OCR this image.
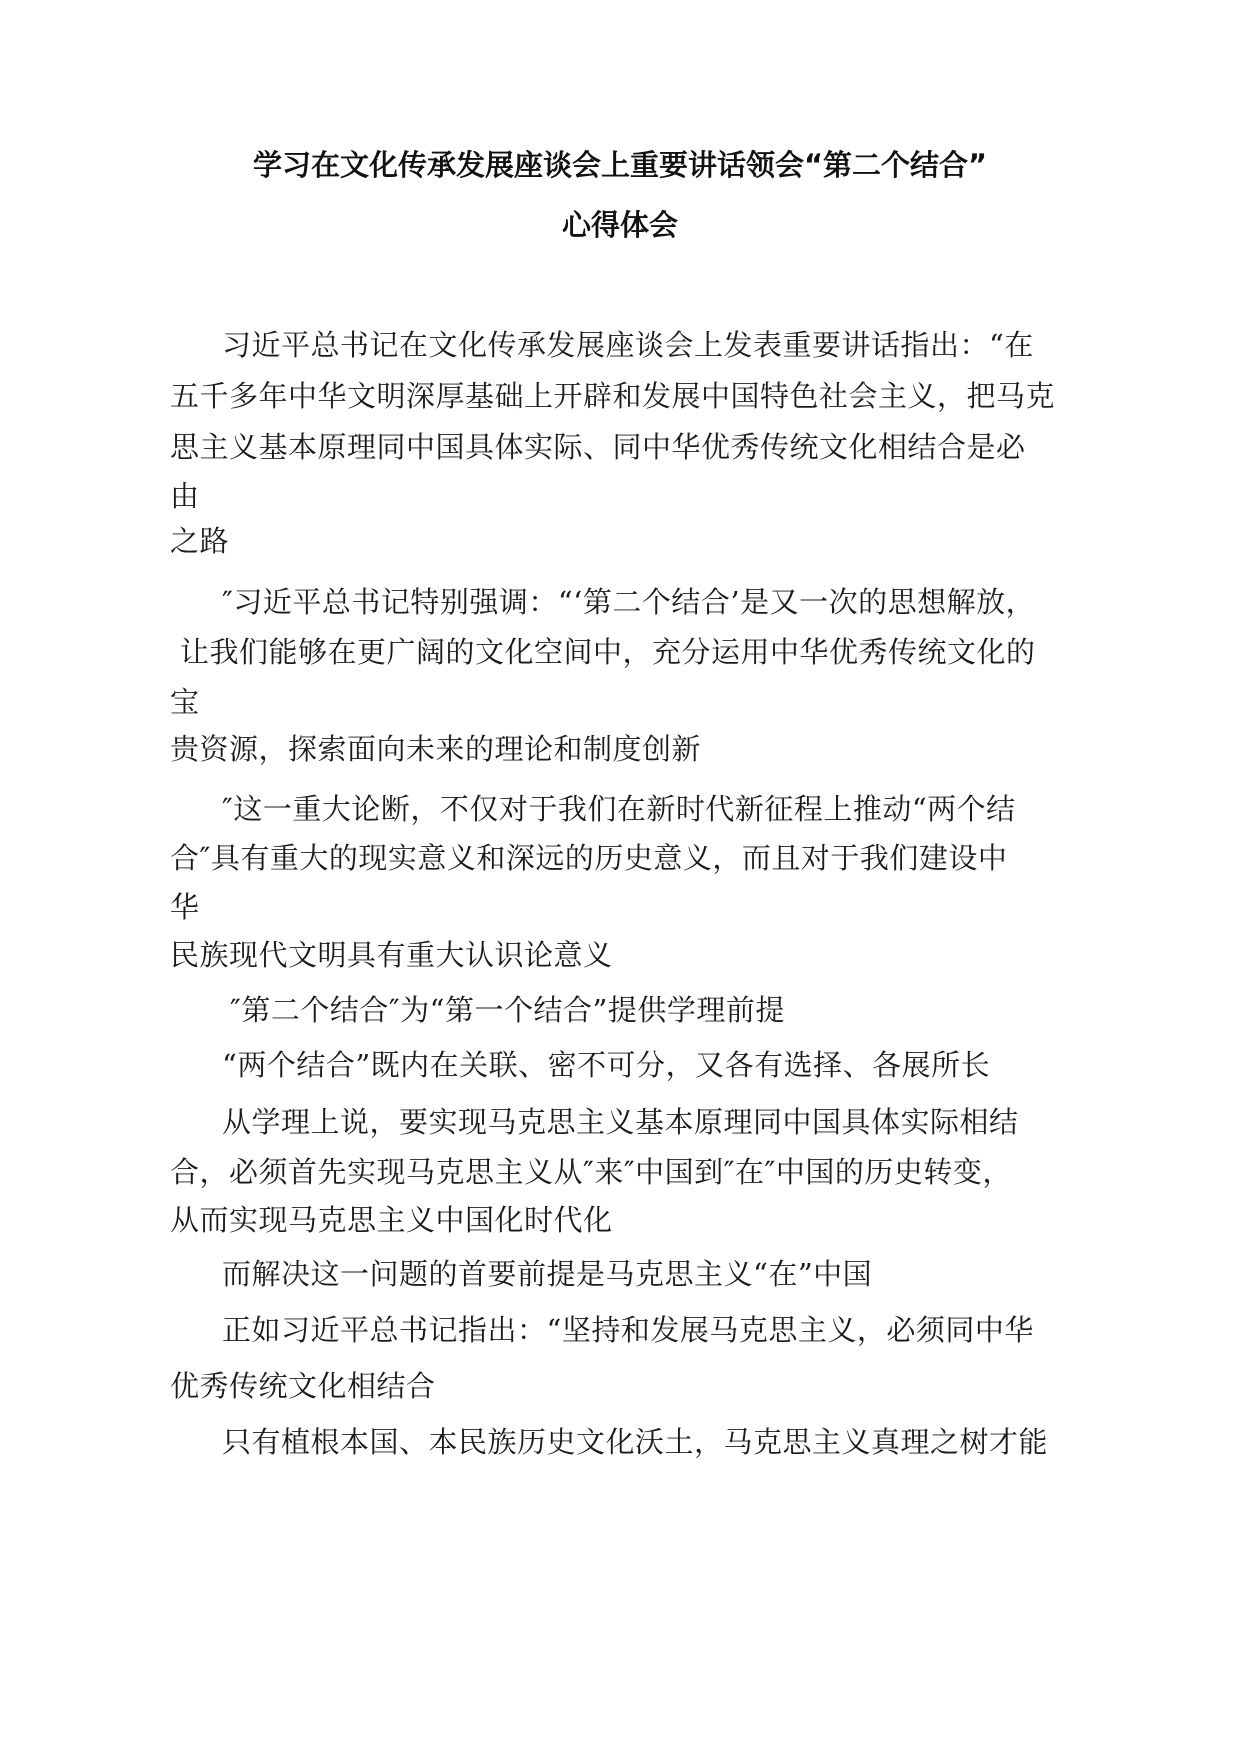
学习在文化传承发展座谈会上重要讲话领会“第二个结合”
心得体会
习近平总书记在文化传承发展座谈会上发表重要讲话指出：“在
五千多年中华文明深厚基础上开辟和发展中国特色社会主义，把马克
思主义基本原理同中国具体实际、同中华优秀传统文化相结合是必
由
之路
″习近平总书记特别强调：“‘第二个结合’是又一次的思想解放，
让我们能够在更广阔的文化空间中，充分运用中华优秀传统文化的
宝
贵资源，探索面向未来的理论和制度创新
″这一重大论断，不仅对于我们在新时代新征程上推动“两个结
合″具有重大的现实意义和深远的历史意义，而且对于我们建设中
华
民族现代文明具有重大认识论意义
″第二个结合″为“第一个结合”提供学理前提
“两个结合”既内在关联、密不可分，又各有选择、各展所长
从学理上说，要实现马克思主义基本原理同中国具体实际相结
合，必须首先实现马克思主义从″来″中国到″在″中国的历史转变，
从而实现马克思主义中国化时代化
而解决这一问题的首要前提是马克思主义“在”中国
正如习近平总书记指出：“坚持和发展马克思主义，必须同中华
优秀传统文化相结合
只有植根本国、本民族历史文化沃土，马克思主义真理之树才能
